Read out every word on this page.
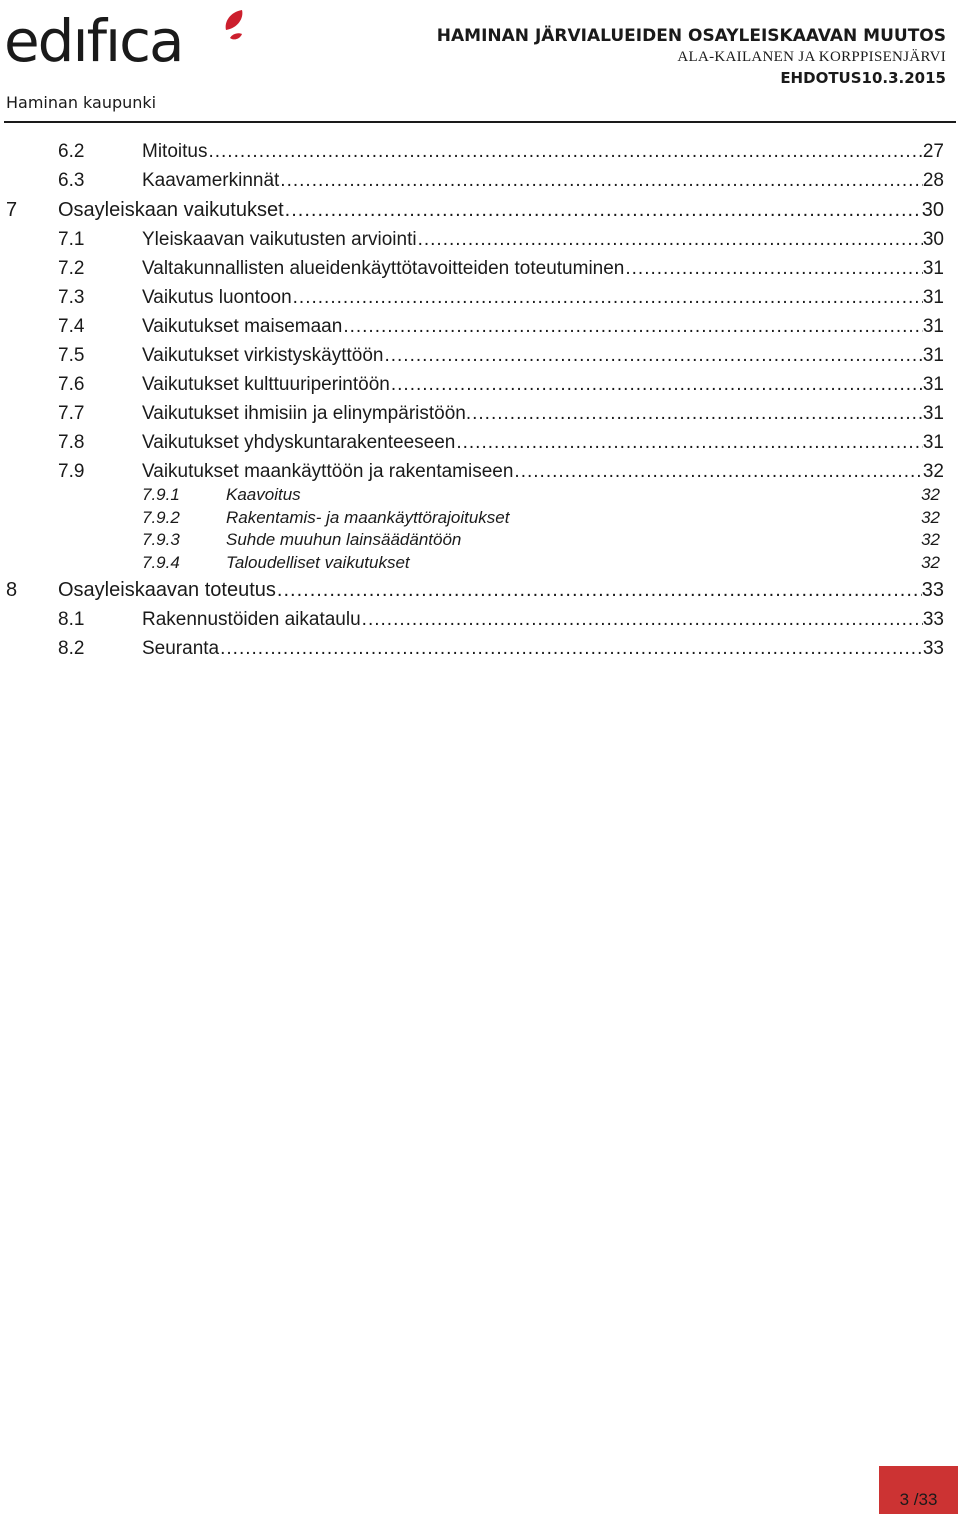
edıfıca
Haminan kaupunki
HAMINAN JÄRVIALUEIDEN OSAYLEISKAAVAN MUUTOS
ALA-KAILANEN JA KORPPISENJÄRVI
EHDOTUS10.3.2015
6.2	Mitoitus .....	27
6.3	Kaavamerkinnät .....	28
7 Osayleiskaan vaikutukset .....	30
7.1	Yleiskaavan vaikutusten arviointi .....	30
7.2	Valtakunnallisten alueidenkäyttötavoitteiden toteutuminen .....	31
7.3	Vaikutus luontoon .....	31
7.4	Vaikutukset maisemaan .....	31
7.5	Vaikutukset virkistyskäyttöön .....	31
7.6	Vaikutukset kulttuuriperintöön .....	31
7.7	Vaikutukset ihmisiin ja elinympäristöön. .....	31
7.8	Vaikutukset yhdyskuntarakenteeseen .....	31
7.9	Vaikutukset maankäyttöön ja rakentamiseen .....	32
7.9.1	Kaavoitus	32
7.9.2	Rakentamis- ja maankäyttörajoitukset	32
7.9.3	Suhde muuhun lainsäädäntöön	32
7.9.4	Taloudelliset vaikutukset	32
8 Osayleiskaavan toteutus .....	33
8.1	Rakennustöiden aikataulu .....	33
8.2	Seuranta .....	33
3 /33
